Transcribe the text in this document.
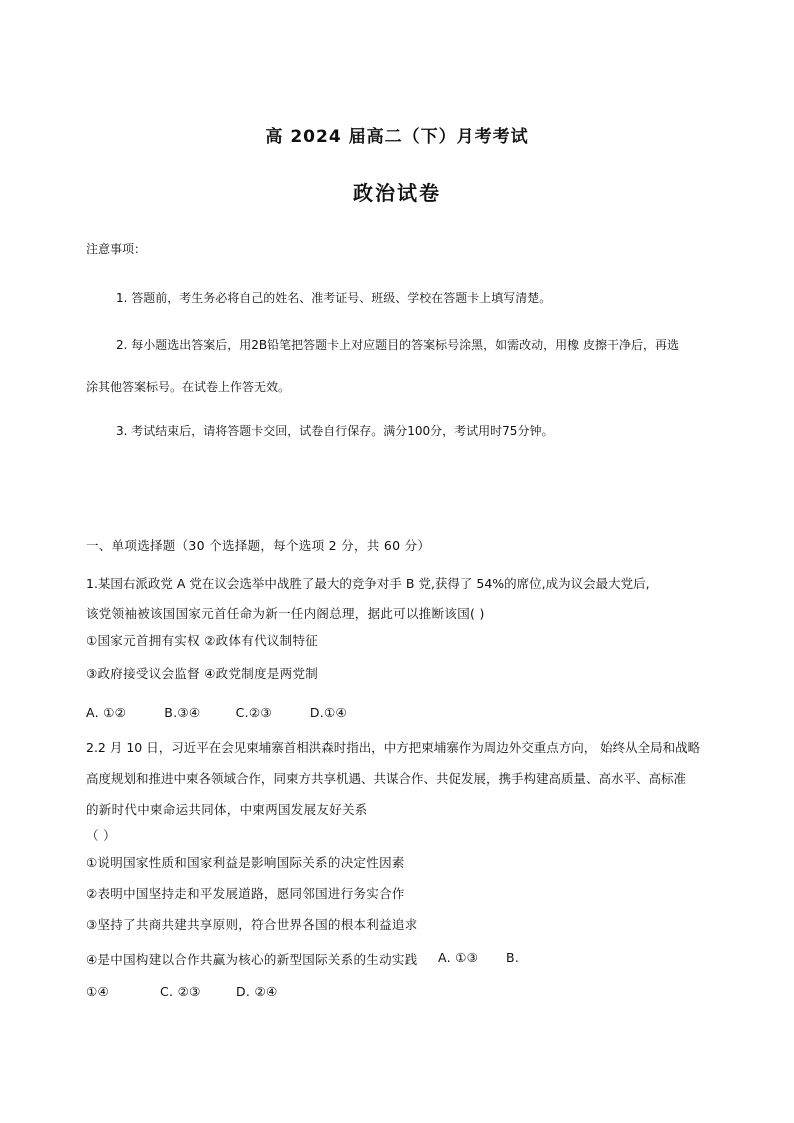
高 2024 届高二（下）月考考试
政治试卷
注意事项：
1. 答题前，考生务必将自己的姓名、准考证号、班级、学校在答题卡上填写清楚。
2. 每小题选出答案后，用2B铅笔把答题卡上对应题目的答案标号涂黑，如需改动，用橡 皮擦干净后，再选
涂其他答案标号。在试卷上作答无效。
3. 考试结束后，请将答题卡交回，试卷自行保存。满分100分，考试用时75分钟。
一、单项选择题（30 个选择题，每个选项 2 分，共 60 分）
1.某国右派政党 A 党在议会选举中战胜了最大的竞争对手 B 党,获得了 54%的席位,成为议会最大党后,
该党领袖被该国国家元首任命为新一任内阁总理，据此可以推断该国( )
①国家元首拥有实权 ②政体有代议制特征
③政府接受议会监督 ④政党制度是两党制
A. ①②	B.③④	C.②③	D.①④
2.2 月 10 日，习近平在会见柬埔寨首相洪森时指出，中方把柬埔寨作为周边外交重点方向， 始终从全局和战略
高度规划和推进中柬各领域合作，同柬方共享机遇、共谋合作、共促发展，携手构建高质量、高水平、高标准
的新时代中柬命运共同体，中柬两国发展友好关系
（ ）
①说明国家性质和国家利益是影响国际关系的决定性因素
②表明中国坚持走和平发展道路，愿同邻国进行务实合作
③坚持了共商共建共享原则，符合世界各国的根本利益追求
④是中国构建以合作共赢为核心的新型国际关系的生动实践 A. ①③ B.
①④	C. ②③	D. ②④
